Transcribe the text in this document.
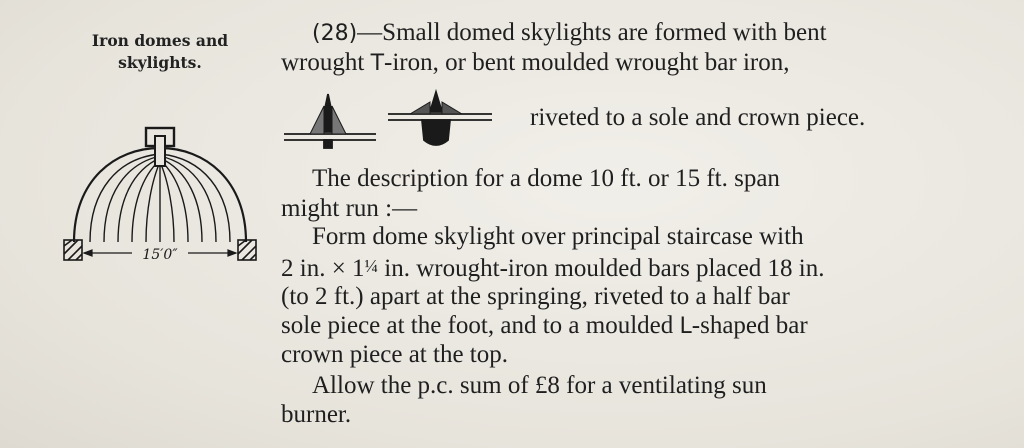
Iron domes and
skylights.
15′0″
(28)—Small domed skylights are formed with bent
wrought T-iron, or bent moulded wrought bar iron,
riveted to a sole and crown piece.
The description for a dome 10 ft. or 15 ft. span
might run :—
Form dome skylight over principal staircase with
2 in. × 1¼ in. wrought-iron moulded bars placed 18 in.
(to 2 ft.) apart at the springing, riveted to a half bar
sole piece at the foot, and to a moulded L-shaped bar
crown piece at the top.
Allow the p.c. sum of £8 for a ventilating sun
burner.
